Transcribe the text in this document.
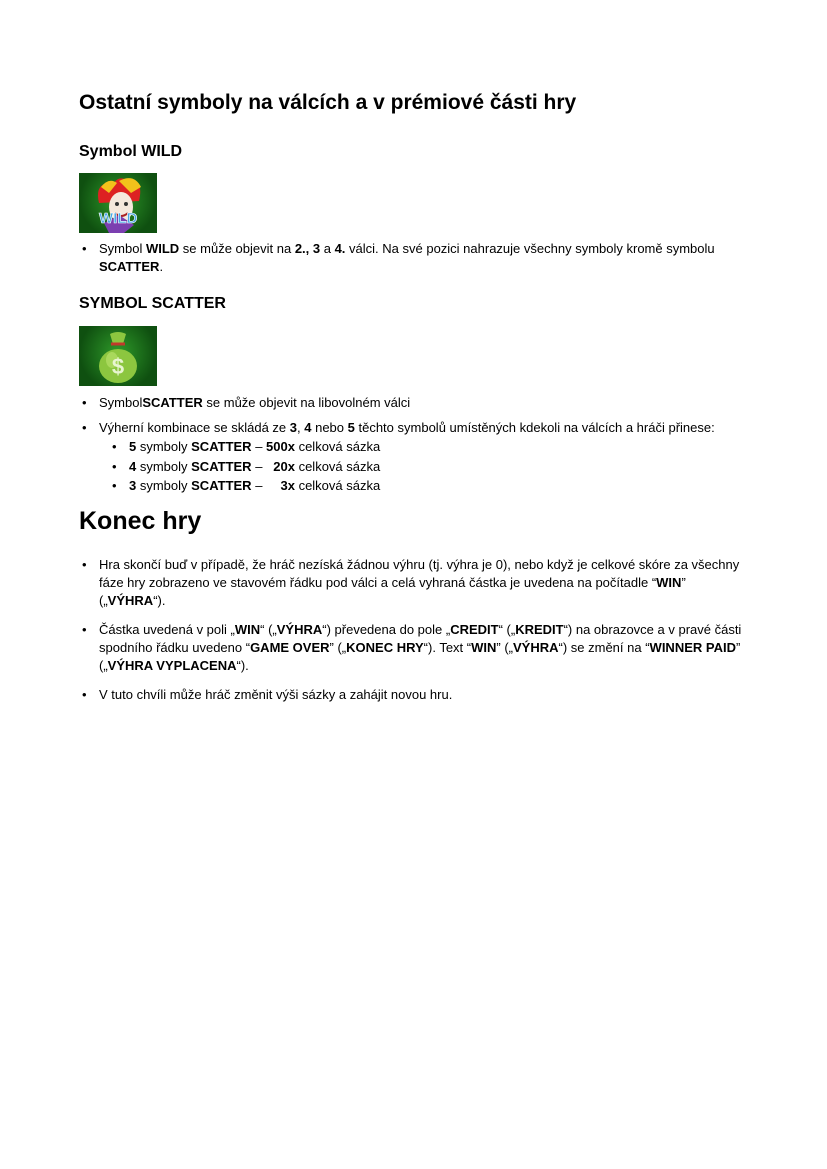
Ostatní symboly na válcích a v prémiové části hry
Symbol WILD
WILD
• Symbol WILD se může objevit na 2., 3 a 4. válci. Na své pozici nahrazuje všechny symboly kromě symbolu SCATTER.
SYMBOL SCATTER
$
• SymbolSCATTER se může objevit na libovolném válci
• Výherní kombinace se skládá ze 3, 4 nebo 5 těchto symbolů umístěných kdekoli na válcích a hráči přinese:
• 5 symboly SCATTER – 500x celková sázka
• 4 symboly SCATTER –   20x celková sázka
• 3 symboly SCATTER –     3x celková sázka
Konec hry
• Hra skončí buď v případě, že hráč nezíská žádnou výhru (tj. výhra je 0), nebo když je celkové skóre za všechny fáze hry zobrazeno ve stavovém řádku pod válci a celá vyhraná částka je uvedena na počítadle “WIN” („VÝHRA“).
• Částka uvedená v poli „WIN“ („VÝHRA“) převedena do pole „CREDIT“ („KREDIT“) na obrazovce a v pravé části spodního řádku uvedeno “GAME OVER” („KONEC HRY“). Text “WIN” („VÝHRA“) se změní na “WINNER PAID” („VÝHRA VYPLACENA“).
• V tuto chvíli může hráč změnit výši sázky a zahájit novou hru.
